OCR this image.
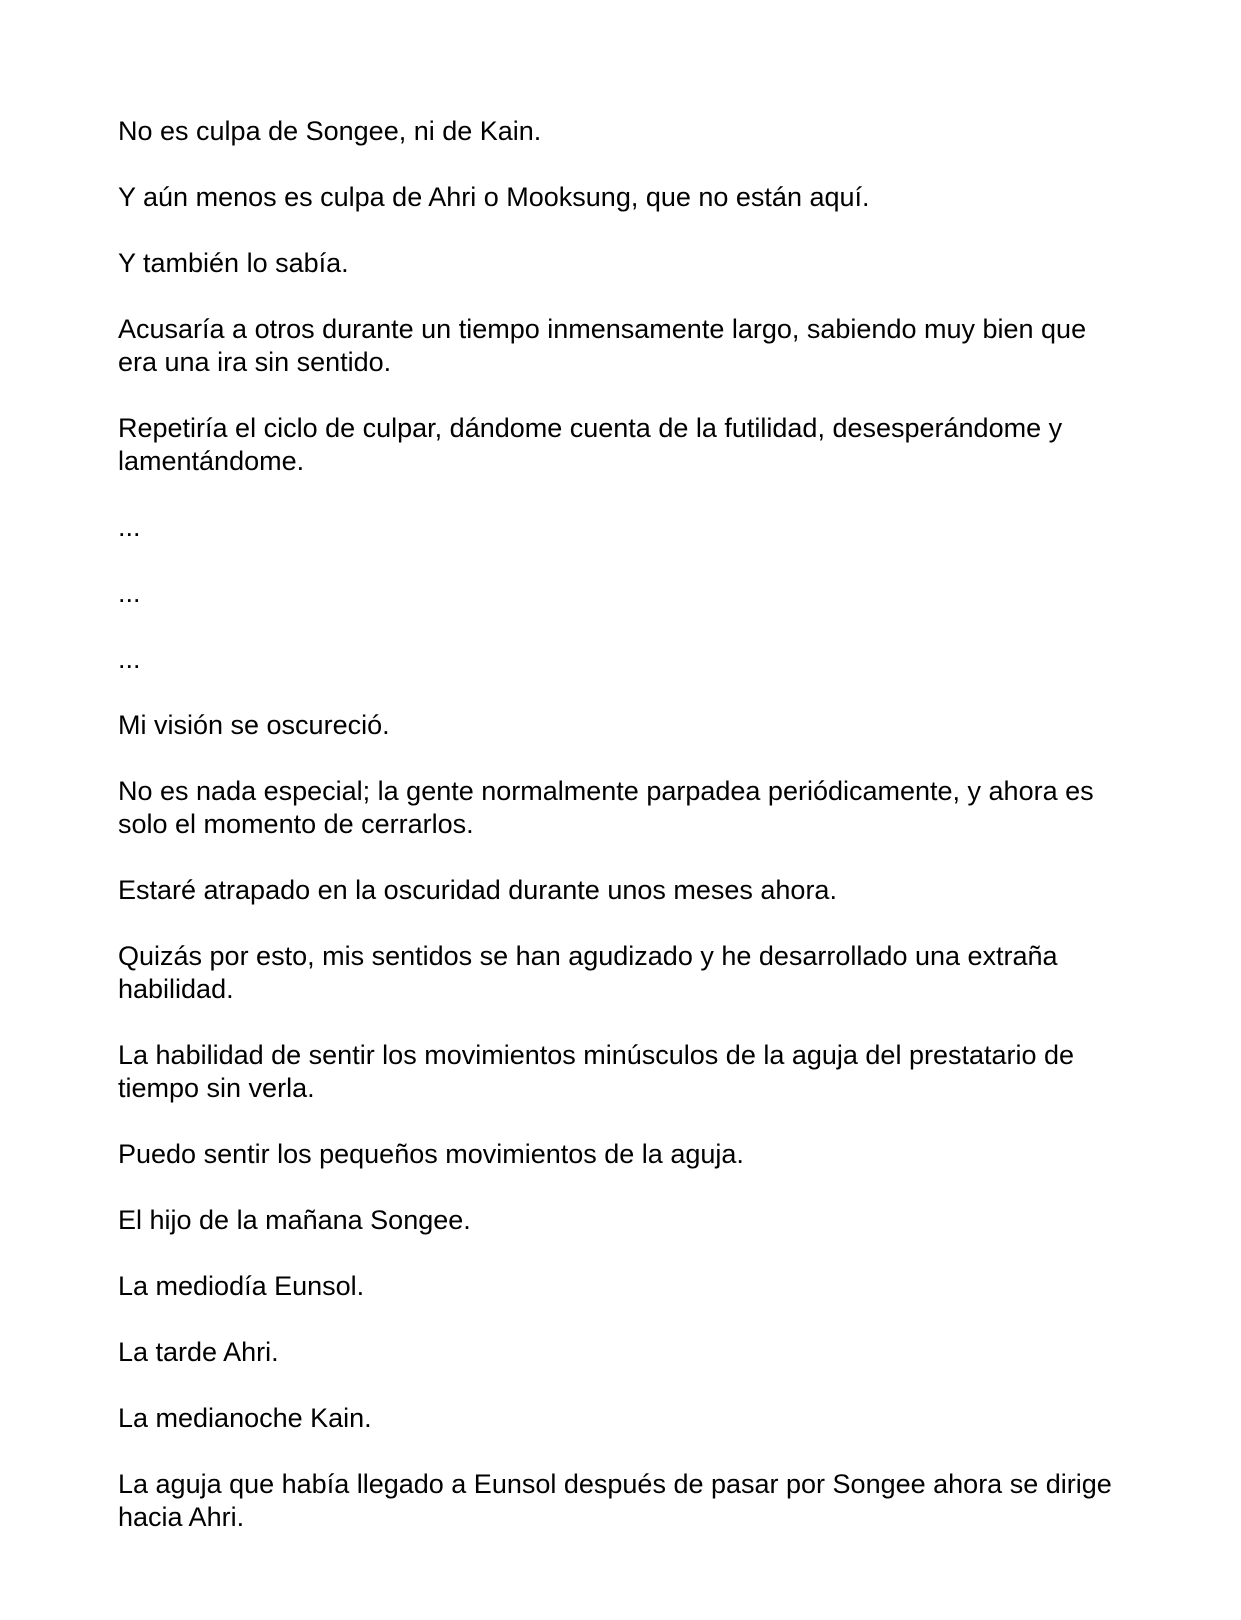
No es culpa de Songee, ni de Kain.

Y aún menos es culpa de Ahri o Mooksung, que no están aquí.

Y también lo sabía.

Acusaría a otros durante un tiempo inmensamente largo, sabiendo muy bien que era una ira sin sentido.

Repetiría el ciclo de culpar, dándome cuenta de la futilidad, desesperándome y lamentándome.

...

...

...

Mi visión se oscureció.

No es nada especial; la gente normalmente parpadea periódicamente, y ahora es solo el momento de cerrarlos.

Estaré atrapado en la oscuridad durante unos meses ahora.

Quizás por esto, mis sentidos se han agudizado y he desarrollado una extraña habilidad.

La habilidad de sentir los movimientos minúsculos de la aguja del prestatario de tiempo sin verla.

Puedo sentir los pequeños movimientos de la aguja.

El hijo de la mañana Songee.

La mediodía Eunsol.

La tarde Ahri.

La medianoche Kain.

La aguja que había llegado a Eunsol después de pasar por Songee ahora se dirige hacia Ahri.
